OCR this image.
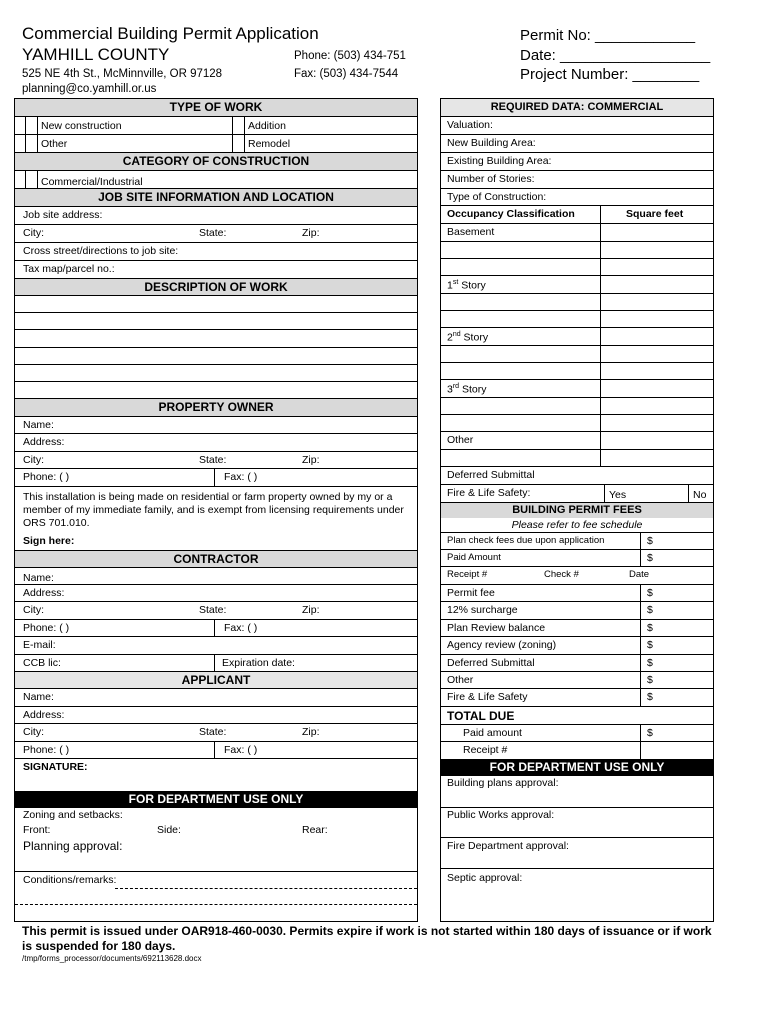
Commercial Building Permit Application
YAMHILL COUNTY
525 NE 4th St., McMinnville, OR 97128
planning@co.yamhill.or.us
Phone: (503) 434-751
Fax: (503) 434-7544
Permit No: ____________
Date: __________________
Project Number: ________
TYPE OF WORK
New construction	Addition
Other	Remodel
CATEGORY OF CONSTRUCTION
Commercial/Industrial
JOB SITE INFORMATION AND LOCATION
Job site address:
City:	State:	Zip:
Cross street/directions to job site:
Tax map/parcel no.:
DESCRIPTION OF WORK
PROPERTY OWNER
Name:
Address:
City:	State:	Zip:
Phone: ( )	Fax: ( )
This installation is being made on residential or farm property owned by my or a member of my immediate family, and is exempt from licensing requirements under ORS 701.010.
Sign here:
CONTRACTOR
Name:
Address:
City:	State:	Zip:
Phone: ( )	Fax: ( )
E-mail:
CCB lic:	Expiration date:
APPLICANT
Name:
Address:
City:	State:	Zip:
Phone: ( )	Fax: ( )
SIGNATURE:
FOR DEPARTMENT USE ONLY
Zoning and setbacks:
Front:	Side:	Rear:
Planning approval:
Conditions/remarks:
REQUIRED DATA: COMMERCIAL
Valuation:
New Building Area:
Existing Building Area:
Number of Stories:
Type of Construction:
Occupancy Classification	Square feet
Basement
1st Story
2nd Story
3rd Story
Other
Deferred Submittal
Fire & Life Safety:	Yes	No
BUILDING PERMIT FEES
Please refer to fee schedule
Plan check fees due upon application	$
Paid Amount	$
Receipt #	Check #	Date
TOTAL DUE
Paid amount	$
Receipt #
FOR DEPARTMENT USE ONLY
Building plans approval:
Public Works approval:
Fire Department approval:
Septic approval:
Permit fee	$
12% surcharge	$
Plan Review balance	$
Agency review (zoning)	$
Deferred Submittal	$
Other	$
Fire & Life Safety	$
This permit is issued under OAR918-460-0030. Permits expire if work is not started within 180 days of issuance or if work is suspended for 180 days.
/tmp/forms_processor/documents/692113628.docx
